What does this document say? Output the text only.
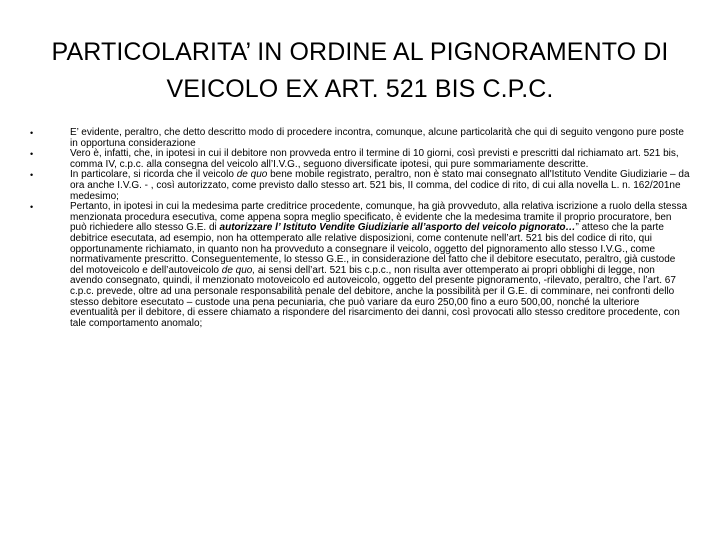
PARTICOLARITA’ IN ORDINE AL PIGNORAMENTO DI VEICOLO EX ART. 521 BIS C.P.C.
•	E’ evidente, peraltro, che detto descritto modo di procedere incontra, comunque, alcune particolarità che qui di seguito vengono pure poste in opportuna considerazione
•	Vero è, infatti, che, in ipotesi in cui il debitore non provveda entro il termine di 10 giorni, così previsti e prescritti dal richiamato art. 521 bis, comma IV, c.p.c. alla consegna del veicolo all’I.V.G., seguono diversificate ipotesi, qui pure sommariamente descritte.
•	In particolare, si ricorda che il veicolo de quo bene mobile registrato, peraltro, non è stato mai consegnato all'Istituto Vendite Giudiziarie – da ora anche I.V.G. - , così autorizzato, come previsto dallo stesso art. 521 bis, II comma, del codice di rito, di cui alla novella L. n. 162/201ne medesimo;
•	Pertanto, in ipotesi in cui la medesima parte creditrice procedente, comunque, ha già provveduto, alla relativa iscrizione a ruolo della stessa menzionata procedura esecutiva, come appena sopra meglio specificato, è evidente che la medesima tramite il proprio procuratore, ben può richiedere allo stesso G.E. di autorizzare l’ Istituto Vendite Giudiziarie all’asporto del veicolo pignorato…” atteso che la parte debitrice esecutata, ad esempio, non ha ottemperato alle relative disposizioni, come contenute nell’art. 521 bis del codice di rito, qui opportunamente richiamato, in quanto non ha provveduto a consegnare il veicolo, oggetto del pignoramento allo stesso I.V.G., come normativamente prescritto. Conseguentemente, lo stesso G.E., in considerazione del fatto che il debitore esecutato, peraltro, già custode del motoveicolo e dell’autoveicolo de quo, ai sensi dell’art. 521 bis c.p.c., non risulta aver ottemperato ai propri obblighi di legge, non avendo consegnato, quindi, il menzionato motoveicolo ed autoveicolo, oggetto del presente pignoramento, -rilevato, peraltro, che l’art. 67 c.p.c. prevede, oltre ad una personale responsabilità penale del debitore, anche la possibilità per il G.E. di comminare, nei confronti dello stesso debitore esecutato – custode una pena pecuniaria, che può variare da euro 250,00 fino a euro 500,00, nonché la ulteriore eventualità per il debitore, di essere chiamato a rispondere del risarcimento dei danni, così provocati allo stesso creditore procedente, con tale comportamento anomalo;
